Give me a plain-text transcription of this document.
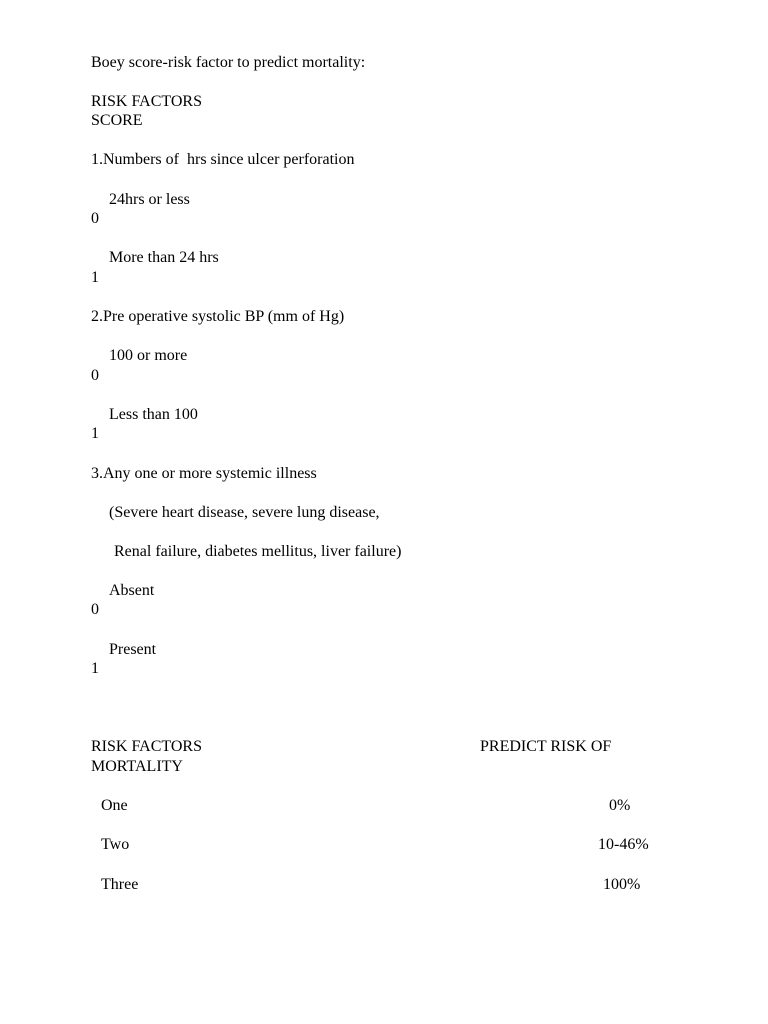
Boey score-risk factor to predict mortality:
RISK FACTORS
SCORE
1.Numbers of  hrs since ulcer perforation
24hrs or less
0
More than 24 hrs
1
2.Pre operative systolic BP (mm of Hg)
100 or more
0
Less than 100
1
3.Any one or more systemic illness
(Severe heart disease, severe lung disease,
Renal failure, diabetes mellitus, liver failure)
Absent
0
Present
1
RISK FACTORS	PREDICT RISK OF
MORTALITY
One	0%
Two	10-46%
Three	100%
